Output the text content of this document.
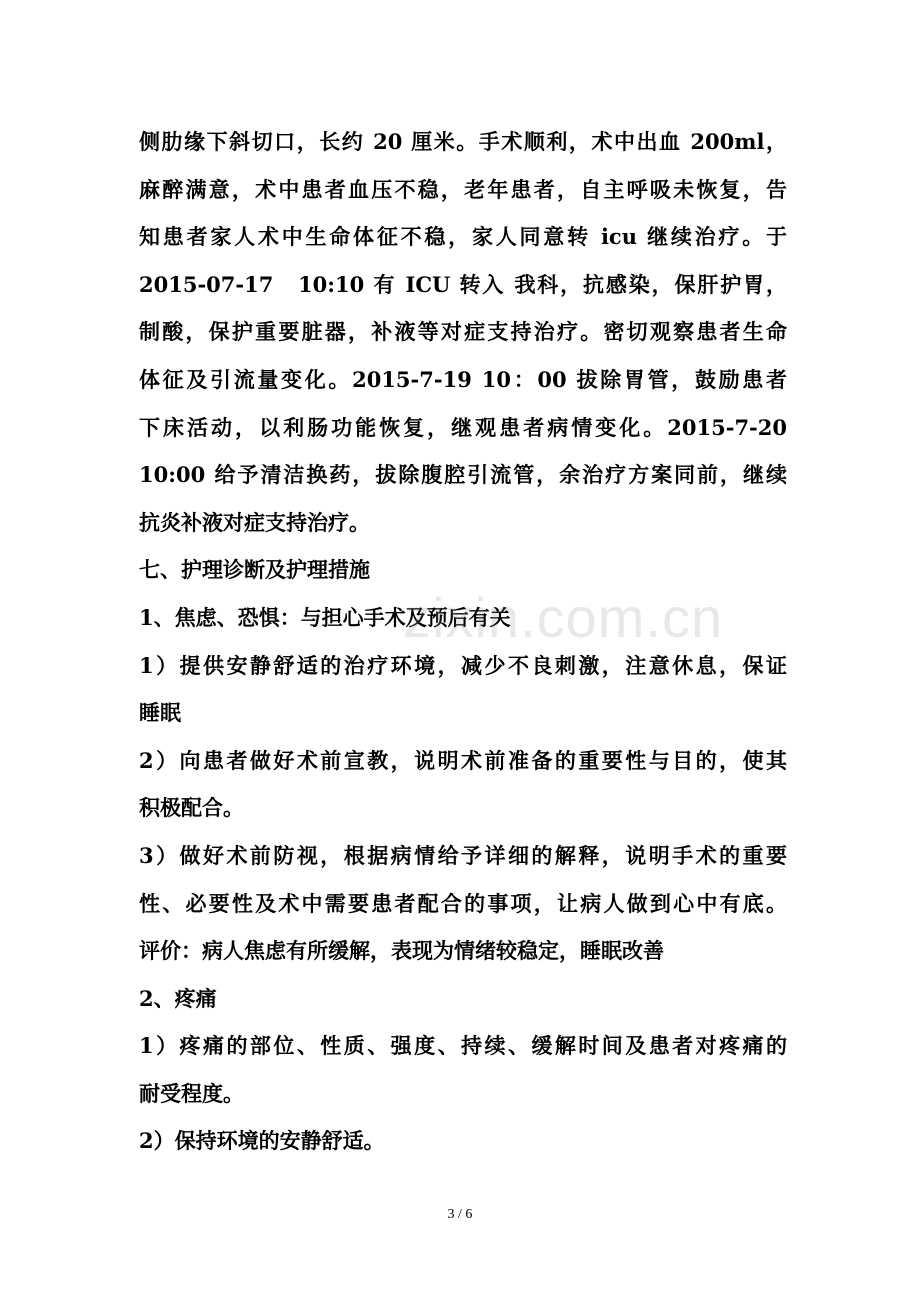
侧肋缘下斜切口，长约 20 厘米。手术顺利，术中出血 200ml，
麻醉满意，术中患者血压不稳，老年患者，自主呼吸未恢复，告
知患者家人术中生命体征不稳，家人同意转 icu 继续治疗。于
2015-07-17　10:10 有 ICU 转入 我科，抗感染，保肝护胃，
制酸，保护重要脏器，补液等对症支持治疗。密切观察患者生命
体征及引流量变化。2015-7-19 10：00 拔除胃管，鼓励患者
下床活动，以利肠功能恢复，继观患者病情变化。2015-7-20
10:00 给予清洁换药，拔除腹腔引流管，余治疗方案同前，继续
抗炎补液对症支持治疗。
七、护理诊断及护理措施
1、焦虑、恐惧：与担心手术及预后有关
1）提供安静舒适的治疗环境，减少不良刺激，注意休息，保证
睡眠
2）向患者做好术前宣教，说明术前准备的重要性与目的，使其
积极配合。
3）做好术前防视，根据病情给予详细的解释，说明手术的重要
性、必要性及术中需要患者配合的事项，让病人做到心中有底。
评价：病人焦虑有所缓解，表现为情绪较稳定，睡眠改善
2、疼痛
1）疼痛的部位、性质、强度、持续、缓解时间及患者对疼痛的
耐受程度。
2）保持环境的安静舒适。
zixin.com.cn
3 / 6
